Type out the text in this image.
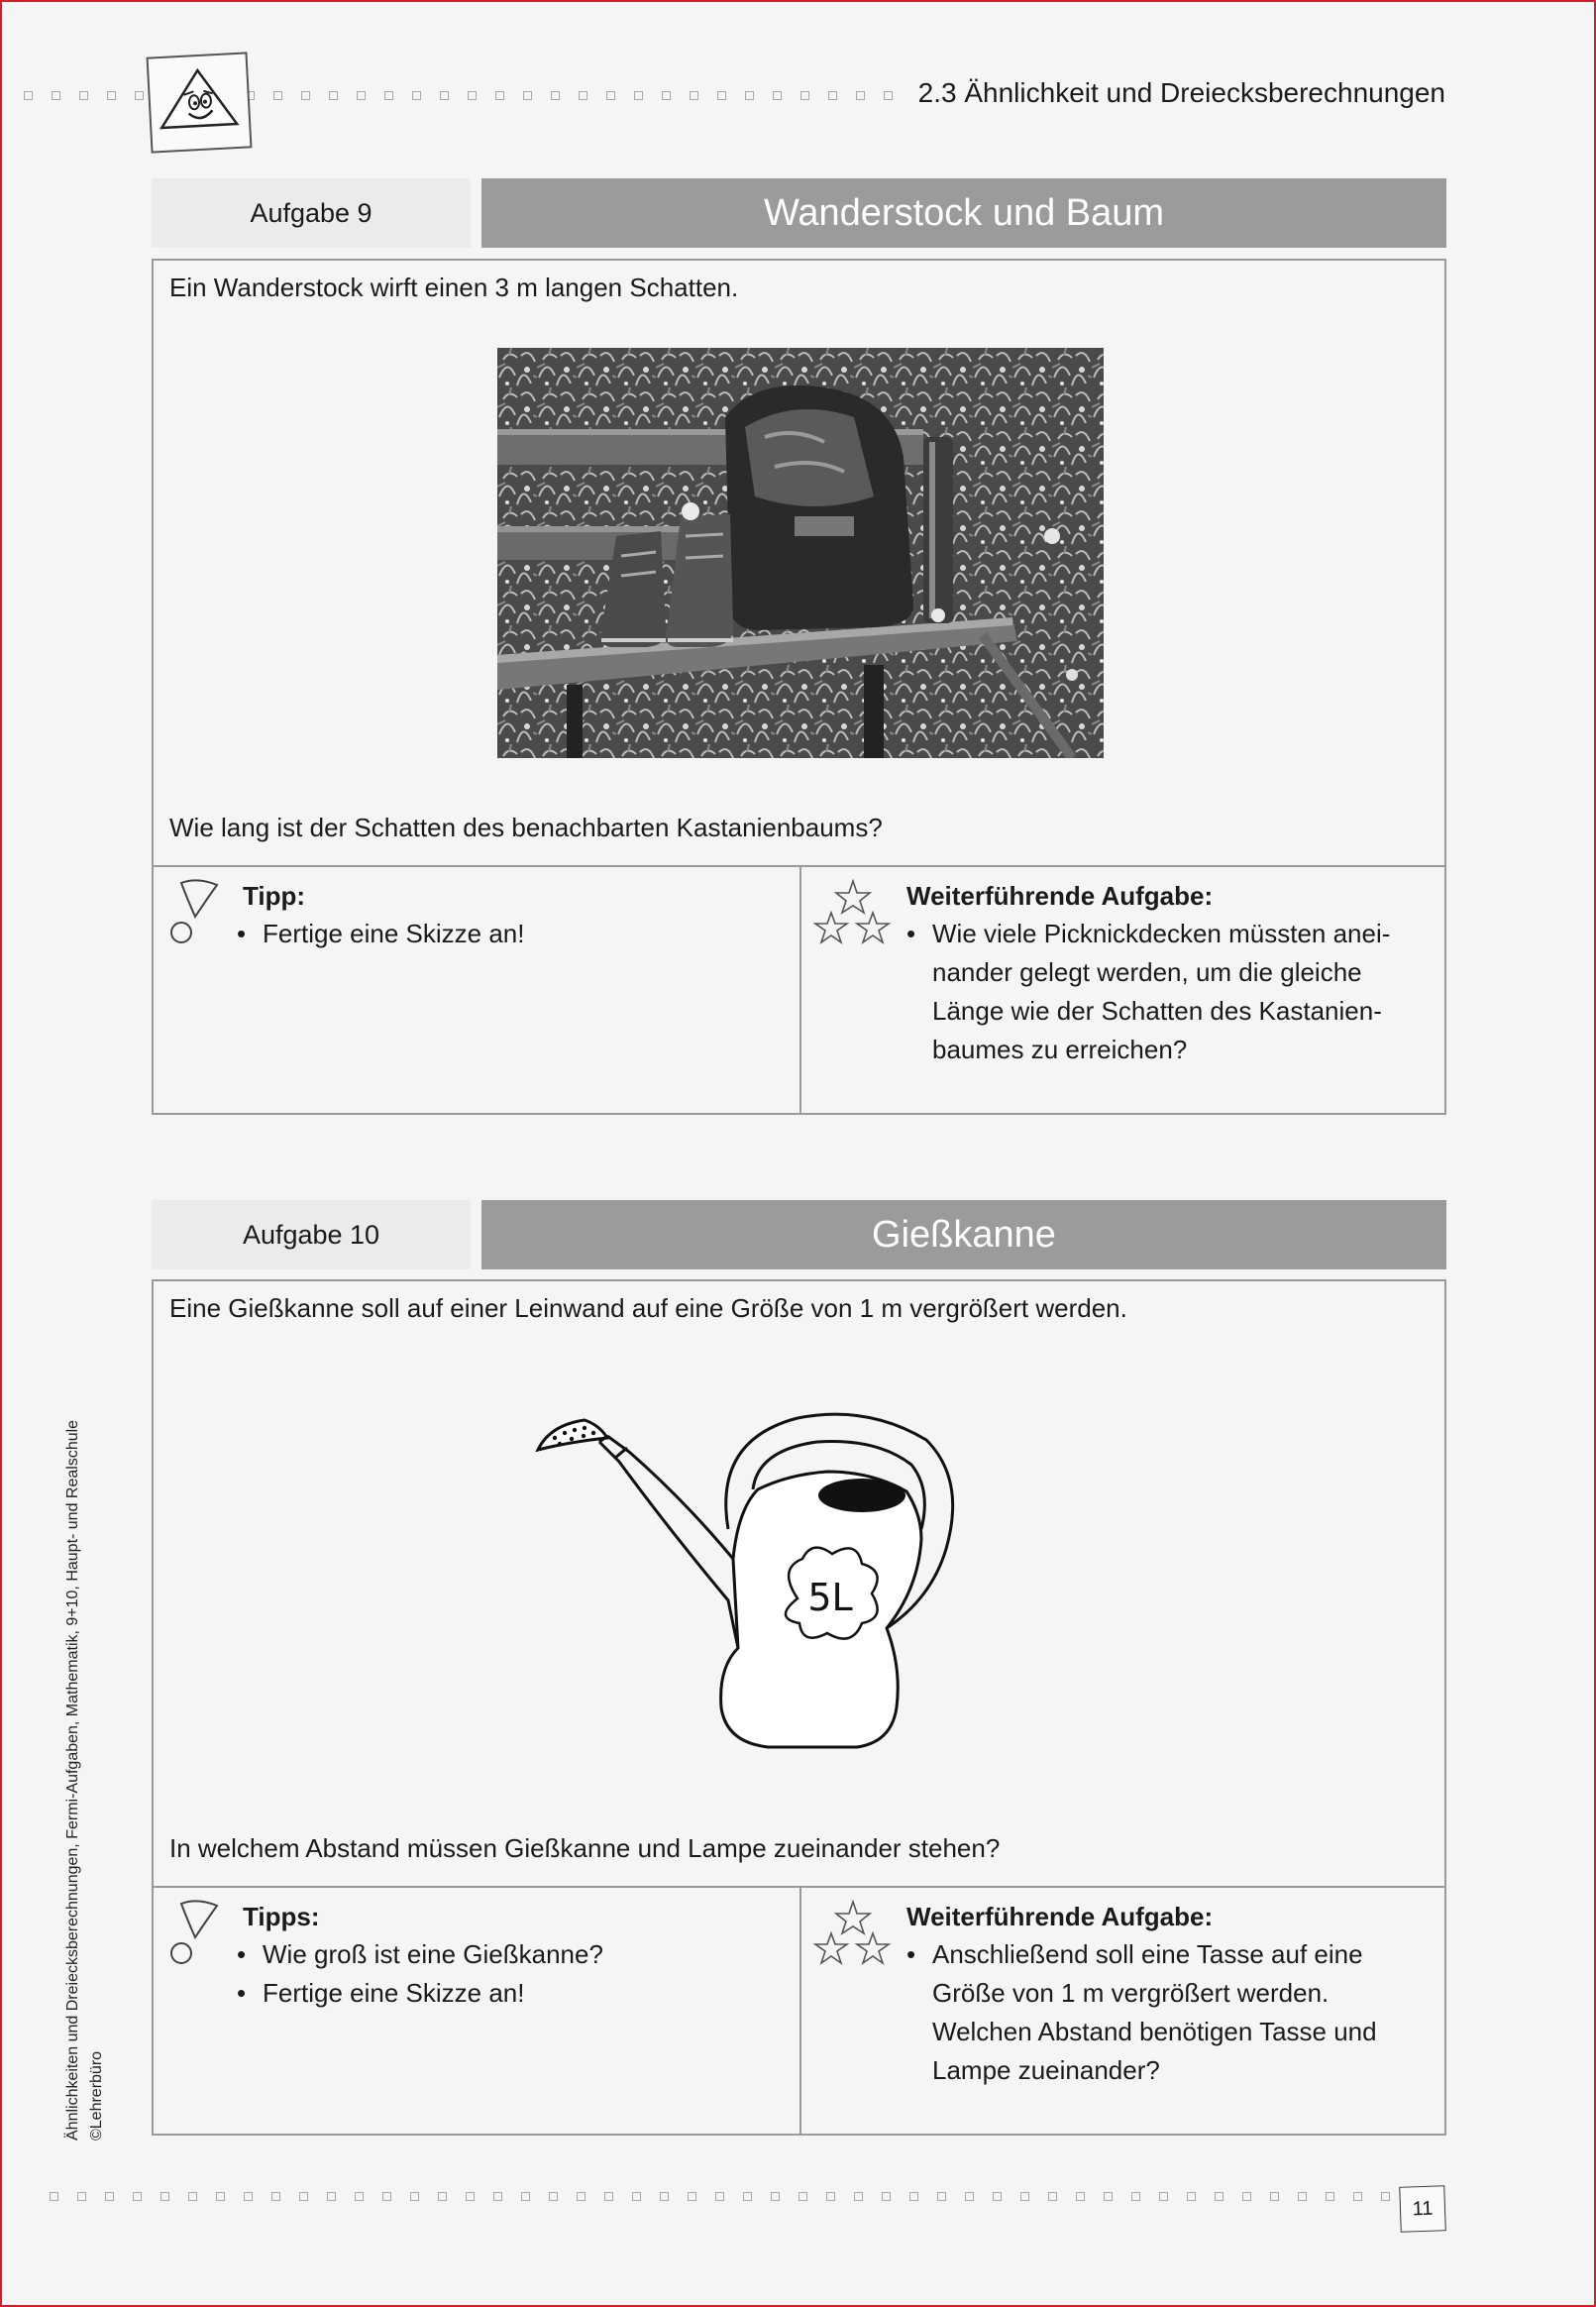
2.3 Ähnlichkeit und Dreiecksberechnungen
Aufgabe 9	Wanderstock und Baum
Ein Wanderstock wirft einen 3 m langen Schatten.
Wie lang ist der Schatten des benachbarten Kastanienbaums?
Tipp:
• Fertige eine Skizze an!
Weiterführende Aufgabe:
• Wie viele Picknickdecken müssten anei-
nander gelegt werden, um die gleiche
Länge wie der Schatten des Kastanien-
baumes zu erreichen?
Aufgabe 10	Gießkanne
Eine Gießkanne soll auf einer Leinwand auf eine Größe von 1 m vergrößert werden.
5L
In welchem Abstand müssen Gießkanne und Lampe zueinander stehen?
Tipps:
• Wie groß ist eine Gießkanne?
• Fertige eine Skizze an!
Weiterführende Aufgabe:
• Anschließend soll eine Tasse auf eine
Größe von 1 m vergrößert werden.
Welchen Abstand benötigen Tasse und
Lampe zueinander?
Ähnlichkeiten und Dreiecksberechnungen, Fermi-Aufgaben, Mathematik, 9+10, Haupt- und Realschule ©Lehrerbüro
11
